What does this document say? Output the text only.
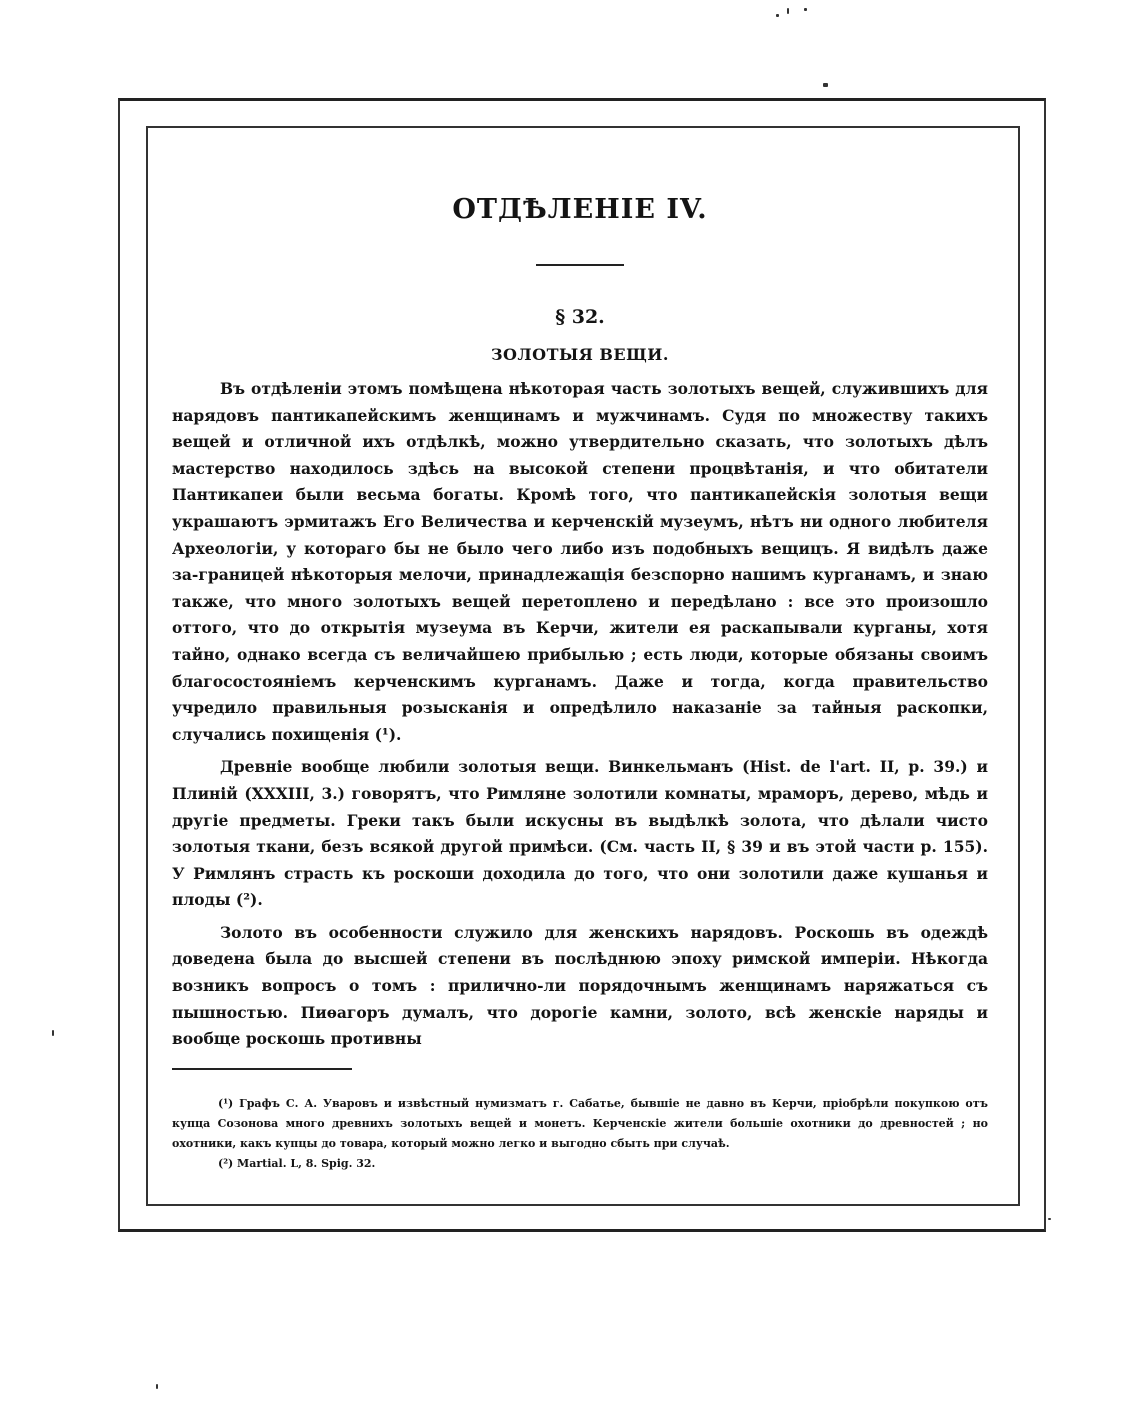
ОТДѢЛЕНIЕ IV.
§ 32.
ЗОЛОТЫЯ ВЕЩИ.

Въ отдѣленiи этомъ помѣщена нѣкоторая часть золотыхъ вещей, служившихъ для нарядовъ пантикапейскимъ женщинамъ и мужчинамъ. Судя по множеству такихъ вещей и отличной ихъ отдѣлкѣ, можно утвердительно сказать, что золотыхъ дѣлъ мастерство находилось здѣсь на высокой степени процвѣтанiя, и что обитатели Пантикапеи были весьма богаты. Кромѣ того, что пантикапейскiя золотыя вещи украшаютъ эрмитажъ Его Величества и керченскiй музеумъ, нѣтъ ни одного любителя Археологiи, у котораго бы не было чего либо изъ подобныхъ вещицъ. Я видѣлъ даже за-границей нѣкоторыя мелочи, принадлежащiя безспорно нашимъ курганамъ, и знаю также, что много золотыхъ вещей перетоплено и передѣлано : все это произошло оттого, что до открытiя музеума въ Керчи, жители ея раскапывали курганы, хотя тайно, однако всегда съ величайшею прибылью ; есть люди, которые обязаны своимъ благосостоянiемъ керченскимъ курганамъ. Даже и тогда, когда правительство учредило правильныя розысканiя и опредѣлило наказанiе за тайныя раскопки, случались похищенiя (¹).

Древнiе вообще любили золотыя вещи. Винкельманъ (Hist. de l'art. II, p. 39.) и Плинiй (XXXIII, 3.) говорятъ, что Римляне золотили комнаты, мраморъ, дерево, мѣдь и другiе предметы. Греки такъ были искусны въ выдѣлкѣ золота, что дѣлали чисто золотыя ткани, безъ всякой другой примѣси. (См. часть II, § 39 и въ этой части р. 155). У Римлянъ страсть къ роскоши доходила до того, что они золотили даже кушанья и плоды (²).

Золото въ особенности служило для женскихъ нарядовъ. Роскошь въ одеждѣ доведена была до высшей степени въ послѣднюю эпоху римской имперiи. Нѣкогда возникъ вопросъ о томъ : прилично-ли порядочнымъ женщинамъ наряжаться съ пышностью. Пиѳагоръ думалъ, что дорогiе камни, золото, всѣ женскiе наряды и вообще роскошь противны

(¹) Графъ С. А. Уваровъ и извѣстный нумизматъ г. Сабатье, бывшiе не давно въ Керчи, прiобрѣли покупкою отъ купца Созонова много древнихъ золотыхъ вещей и монетъ. Керченскiе жители большiе охотники до древностей ; но охотники, какъ купцы до товара, который можно легко и выгодно сбыть при случаѣ.

(²) Martial. L, 8. Spig. 32.
